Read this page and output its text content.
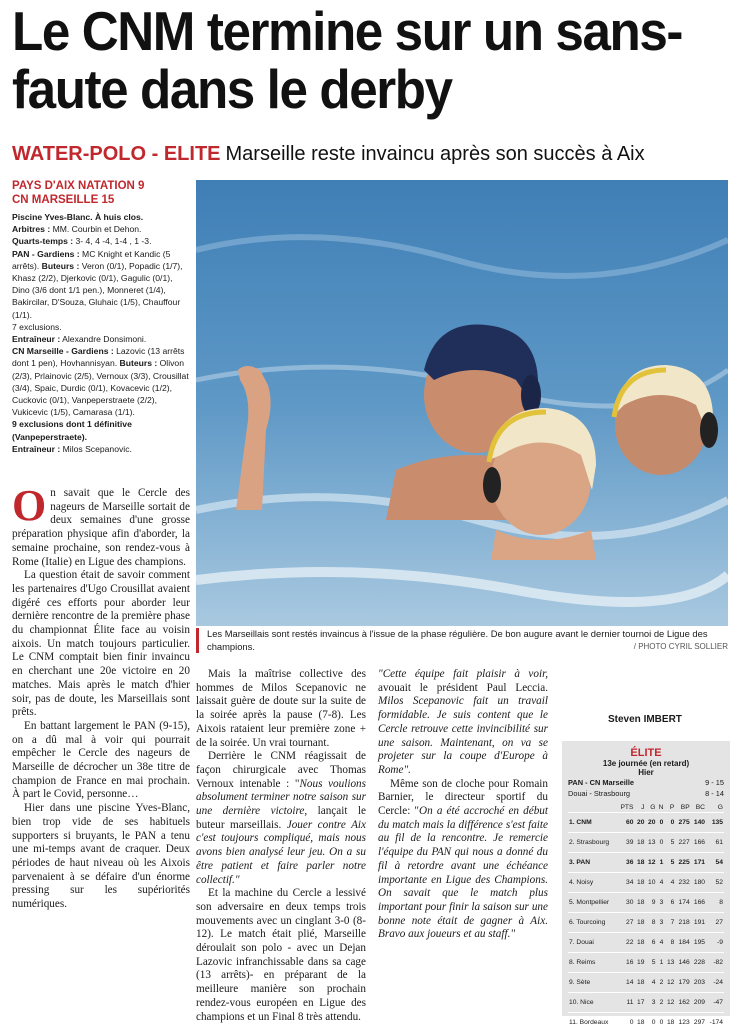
Le CNM termine sur un sans-faute dans le derby
WATER-POLO - ELITE Marseille reste invaincu après son succès à Aix
PAYS D'AIX NATATION 9
CN MARSEILLE 15

Piscine Yves-Blanc. À huis clos.

Arbitres : MM. Courbin et Dehon.

Quarts-temps : 3- 4, 4 -4, 1-4 , 1 -3.

PAN - Gardiens : MC Knight et Kandic (5 arrêts). Buteurs : Veron (0/1), Popadic (1/7), Khasz (2/2), Djerkovic (0/1), Gagulic (0/1), Dino (3/6 dont 1/1 pen.), Monneret (1/4), Bakircilar, D'Souza, Gluhaic (1/5), Chauffour (1/1).

7 exclusions.

Entraîneur : Alexandre Donsimoni.

CN Marseille - Gardiens : Lazovic (13 arrêts dont 1 pen), Hovhannisyan. Buteurs : Olivon (2/3), Prlainovic (2/5), Vernoux (3/3), Crousillat (3/4), Spaic, Durdic (0/1), Kovacevic (1/2), Cuckovic (0/1), Vanpeperstraete (2/2), Vukicevic (1/5), Camarasa (1/1).

9 exclusions dont 1 définitive (Vanpeperstraete).

Entraîneur : Milos Scepanovic.

On savait que le Cercle des nageurs de Marseille sortait de deux semaines d'une grosse préparation physique afin d'aborder, la semaine prochaine, son rendez-vous à Rome (Italie) en Ligue des champions.

La question était de savoir comment les partenaires d'Ugo Crousillat avaient digéré ces efforts pour aborder leur dernière rencontre de la première phase du championnat Élite face au voisin aixois. Un match toujours particulier. Le CNM comptait bien finir invaincu en cherchant une 20e victoire en 20 matches. Mais après le match d'hier soir, pas de doute, les Marseillais sont prêts.

En battant largement le PAN (9-15), on a dû mal à voir qui pourrait empêcher le Cercle des nageurs de Marseille de décrocher un 38e titre de champion de France en mai prochain. À part le Covid, personne…

Hier dans une piscine Yves-Blanc, bien trop vide de ses habituels supporters si bruyants, le PAN a tenu une mi-temps avant de craquer. Deux périodes de haut niveau où les Aixois parvenaient à se défaire d'un énorme pressing sur les supériorités numériques.

Les Marseillais sont restés invaincus à l'issue de la phase régulière. De bon augure avant le dernier tournoi de Ligue des champions.	/ PHOTO CYRIL SOLLIER

Mais la maîtrise collective des hommes de Milos Scepanovic ne laissait guère de doute sur la suite de la soirée après la pause (7-8). Les Aixois rataient leur première zone + de la soirée. Un vrai tournant.

Derrière le CNM réagissait de façon chirurgicale avec Thomas Vernoux intenable : "Nous voulions absolument terminer notre saison sur une dernière victoire, lançait le buteur marseillais. Jouer contre Aix c'est toujours compliqué, mais nous avons bien analysé leur jeu. On a su être patient et faire parler notre collectif."

Et la machine du Cercle a lessivé son adversaire en deux temps trois mouvements avec un cinglant 3-0 (8-12). Le match était plié, Marseille déroulait son polo - avec un Dejan Lazovic infranchissable dans sa cage (13 arrêts)- en préparant de la meilleure manière son prochain rendez-vous européen en Ligue des champions et un Final 8 très attendu.

"Cette équipe fait plaisir à voir, avouait le président Paul Leccia. Milos Scepanovic fait un travail formidable. Je suis content que le Cercle retrouve cette invincibilité sur une saison. Maintenant, on va se projeter sur la coupe d'Europe à Rome".

Même son de cloche pour Romain Barnier, le directeur sportif du Cercle: "On a été accroché en début du match mais la différence s'est faite au fil de la rencontre. Je remercie l'équipe du PAN qui nous a donné du fil à retordre avant une échéance importante en Ligue des Champions. On savait que le match plus important pour finir la saison sur une bonne note était de gagner à Aix. Bravo aux joueurs et au staff."

Steven IMBERT
ÉLITE
13e journée (en retard)
Hier
PAN - CN Marseille	9 - 15
Douai - Strasbourg	8 - 14
	PTS	J	G	N	P	BP	BC	G
1. CNM	60	20	20	0	0	275	140	135
2. Strasbourg	39	18	13	0	5	227	166	61
3. PAN	36	18	12	1	5	225	171	54
4. Noisy	34	18	10	4	4	232	180	52
5. Montpellier	30	18	9	3	6	174	166	8
6. Tourcoing	27	18	8	3	7	218	191	27
7. Douai	22	18	6	4	8	184	195	-9
8. Reims	16	19	5	1	13	146	228	-82
9. Sète	14	18	4	2	12	179	203	-24
10. Nice	11	17	3	2	12	162	209	-47
11. Bordeaux	0	18	0	0	18	123	297	-174
